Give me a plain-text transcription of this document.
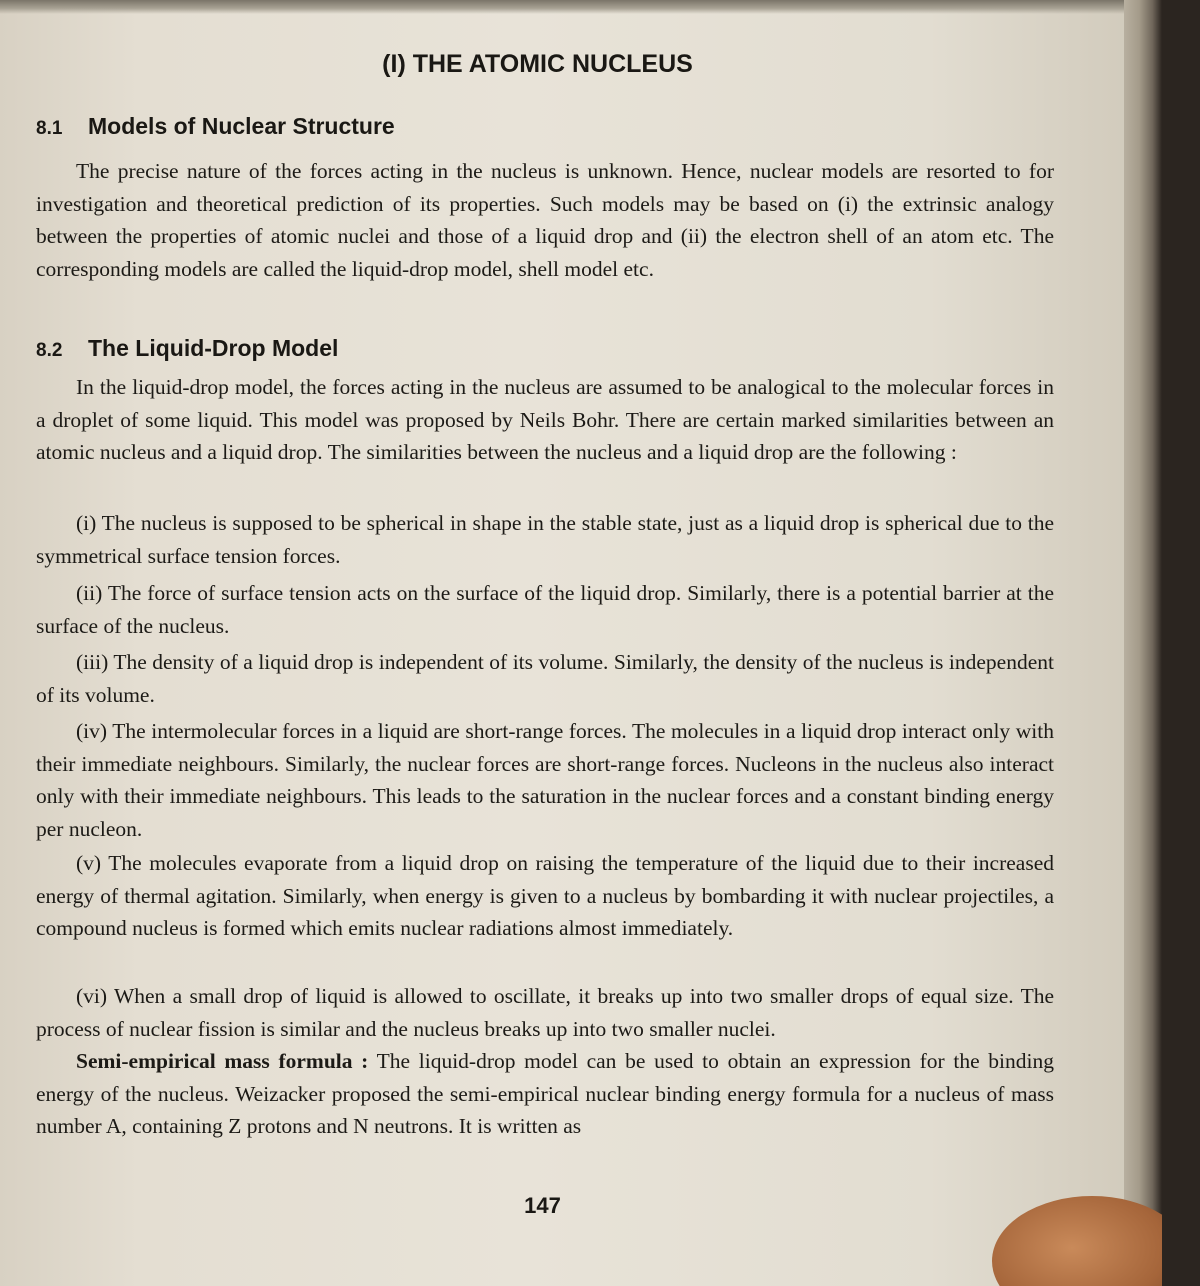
(I) THE ATOMIC NUCLEUS
8.1 Models of Nuclear Structure

The precise nature of the forces acting in the nucleus is unknown. Hence, nuclear models are resorted to for investigation and theoretical prediction of its properties. Such models may be based on (i) the extrinsic analogy between the properties of atomic nuclei and those of a liquid drop and (ii) the electron shell of an atom etc. The corresponding models are called the liquid-drop model, shell model etc.

8.2 The Liquid-Drop Model

In the liquid-drop model, the forces acting in the nucleus are assumed to be analogical to the molecular forces in a droplet of some liquid. This model was proposed by Neils Bohr. There are certain marked similarities between an atomic nucleus and a liquid drop. The similarities between the nucleus and a liquid drop are the following :

(i) The nucleus is supposed to be spherical in shape in the stable state, just as a liquid drop is spherical due to the symmetrical surface tension forces.

(ii) The force of surface tension acts on the surface of the liquid drop. Similarly, there is a potential barrier at the surface of the nucleus.

(iii) The density of a liquid drop is independent of its volume. Similarly, the density of the nucleus is independent of its volume.

(iv) The intermolecular forces in a liquid are short-range forces. The molecules in a liquid drop interact only with their immediate neighbours. Similarly, the nuclear forces are short-range forces. Nucleons in the nucleus also interact only with their immediate neighbours. This leads to the saturation in the nuclear forces and a constant binding energy per nucleon.

(v) The molecules evaporate from a liquid drop on raising the temperature of the liquid due to their increased energy of thermal agitation. Similarly, when energy is given to a nucleus by bombarding it with nuclear projectiles, a compound nucleus is formed which emits nuclear radiations almost immediately.

(vi) When a small drop of liquid is allowed to oscillate, it breaks up into two smaller drops of equal size. The process of nuclear fission is similar and the nucleus breaks up into two smaller nuclei.

Semi-empirical mass formula : The liquid-drop model can be used to obtain an expression for the binding energy of the nucleus. Weizacker proposed the semi-empirical nuclear binding energy formula for a nucleus of mass number A, containing Z protons and N neutrons. It is written as

147
